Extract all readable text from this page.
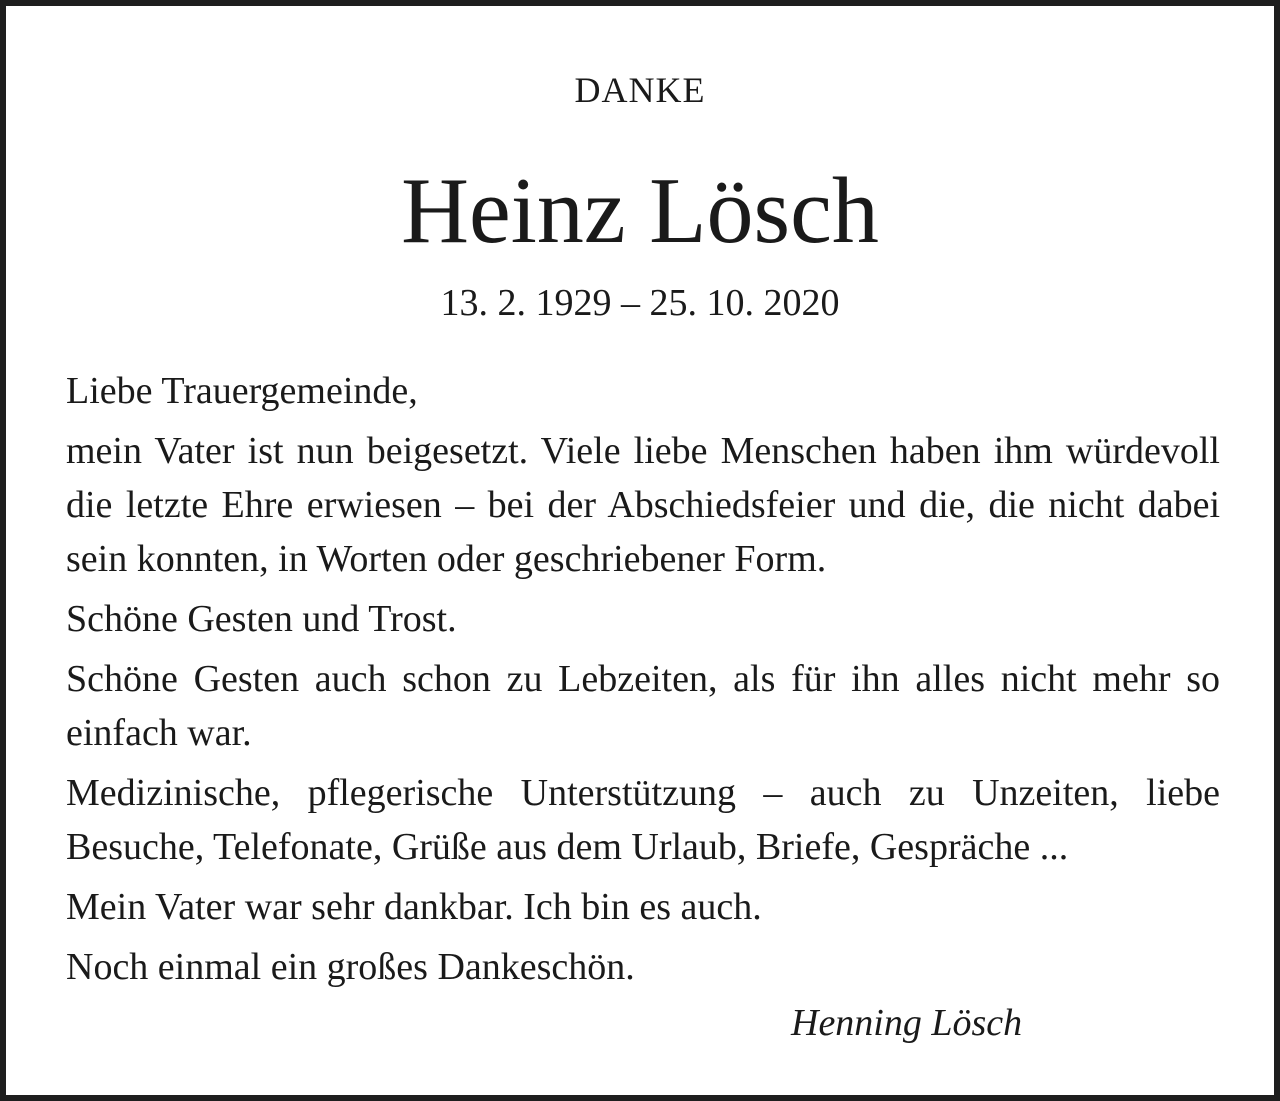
DANKE
Heinz Lösch
13. 2. 1929 – 25. 10. 2020

Liebe Trauergemeinde,

mein Vater ist nun beigesetzt. Viele liebe Menschen haben ihm würdevoll die letzte Ehre erwiesen – bei der Abschiedsfeier und die, die nicht dabei sein konnten, in Worten oder geschriebener Form.

Schöne Gesten und Trost.

Schöne Gesten auch schon zu Lebzeiten, als für ihn alles nicht mehr so einfach war.

Medizinische, pflegerische Unterstützung – auch zu Unzeiten, liebe Besuche, Telefonate, Grüße aus dem Urlaub, Briefe, Gespräche ...

Mein Vater war sehr dankbar. Ich bin es auch.

Noch einmal ein großes Dankeschön.

Henning Lösch
